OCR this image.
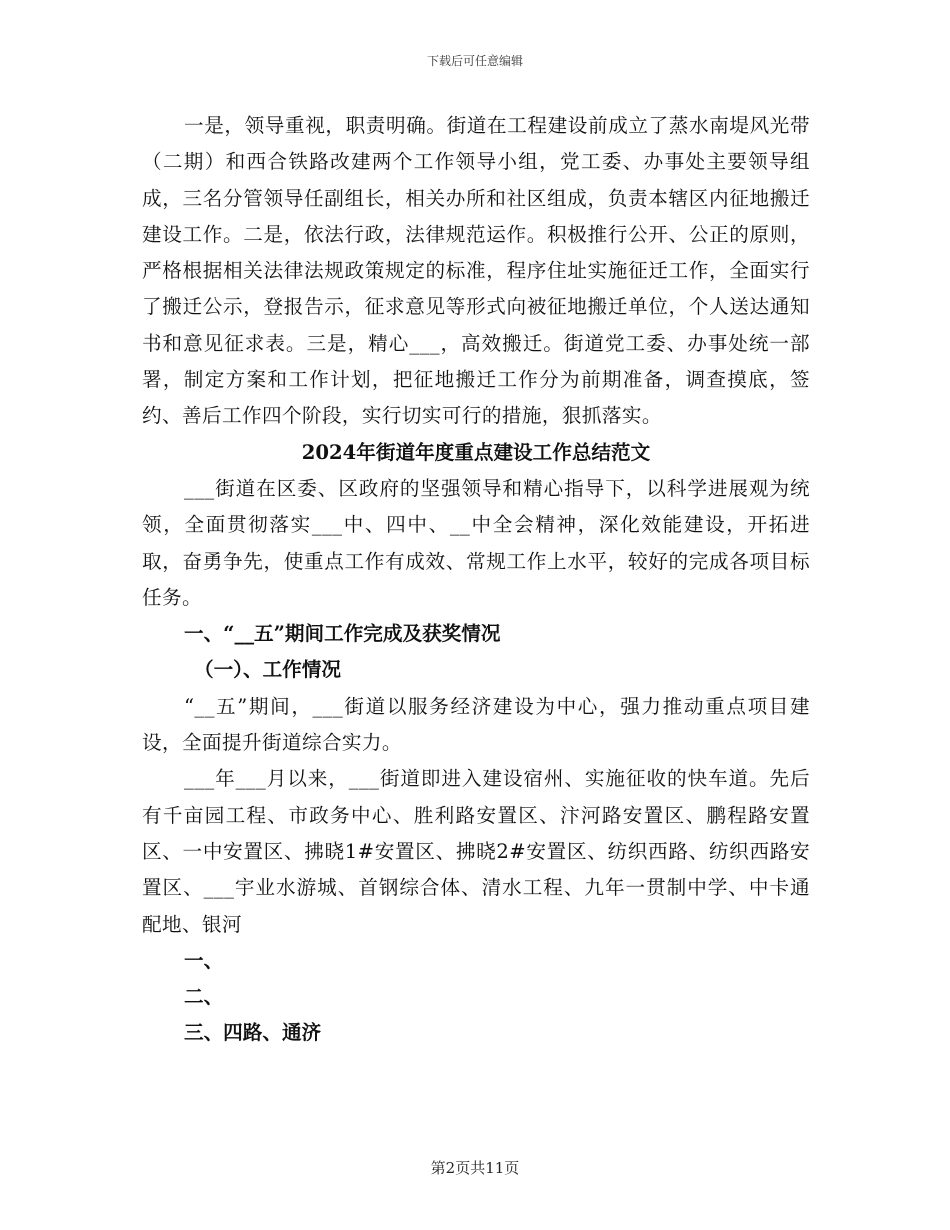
下载后可任意编辑

一是，领导重视，职责明确。街道在工程建设前成立了蒸水南堤风光带（二期）和西合铁路改建两个工作领导小组，党工委、办事处主要领导组成，三名分管领导任副组长，相关办所和社区组成，负责本辖区内征地搬迁建设工作。二是，依法行政，法律规范运作。积极推行公开、公正的原则，严格根据相关法律法规政策规定的标准，程序住址实施征迁工作，全面实行了搬迁公示，登报告示，征求意见等形式向被征地搬迁单位，个人送达通知书和意见征求表。三是，精心___，高效搬迁。街道党工委、办事处统一部署，制定方案和工作计划，把征地搬迁工作分为前期准备，调查摸底，签约、善后工作四个阶段，实行切实可行的措施，狠抓落实。

2024年街道年度重点建设工作总结范文

___街道在区委、区政府的坚强领导和精心指导下，以科学进展观为统领，全面贯彻落实___中、四中、__中全会精神，深化效能建设，开拓进取，奋勇争先，使重点工作有成效、常规工作上水平，较好的完成各项目标任务。

一、“__五”期间工作完成及获奖情况

（一）、工作情况

“__五”期间，___街道以服务经济建设为中心，强力推动重点项目建设，全面提升街道综合实力。

___年___月以来，___街道即进入建设宿州、实施征收的快车道。先后有千亩园工程、市政务中心、胜利路安置区、汴河路安置区、鹏程路安置区、一中安置区、拂晓1#安置区、拂晓2#安置区、纺织西路、纺织西路安置区、___宇业水游城、首钢综合体、清水工程、九年一贯制中学、中卡通配地、银河

一、

二、

三、四路、通济

第2页共11页
